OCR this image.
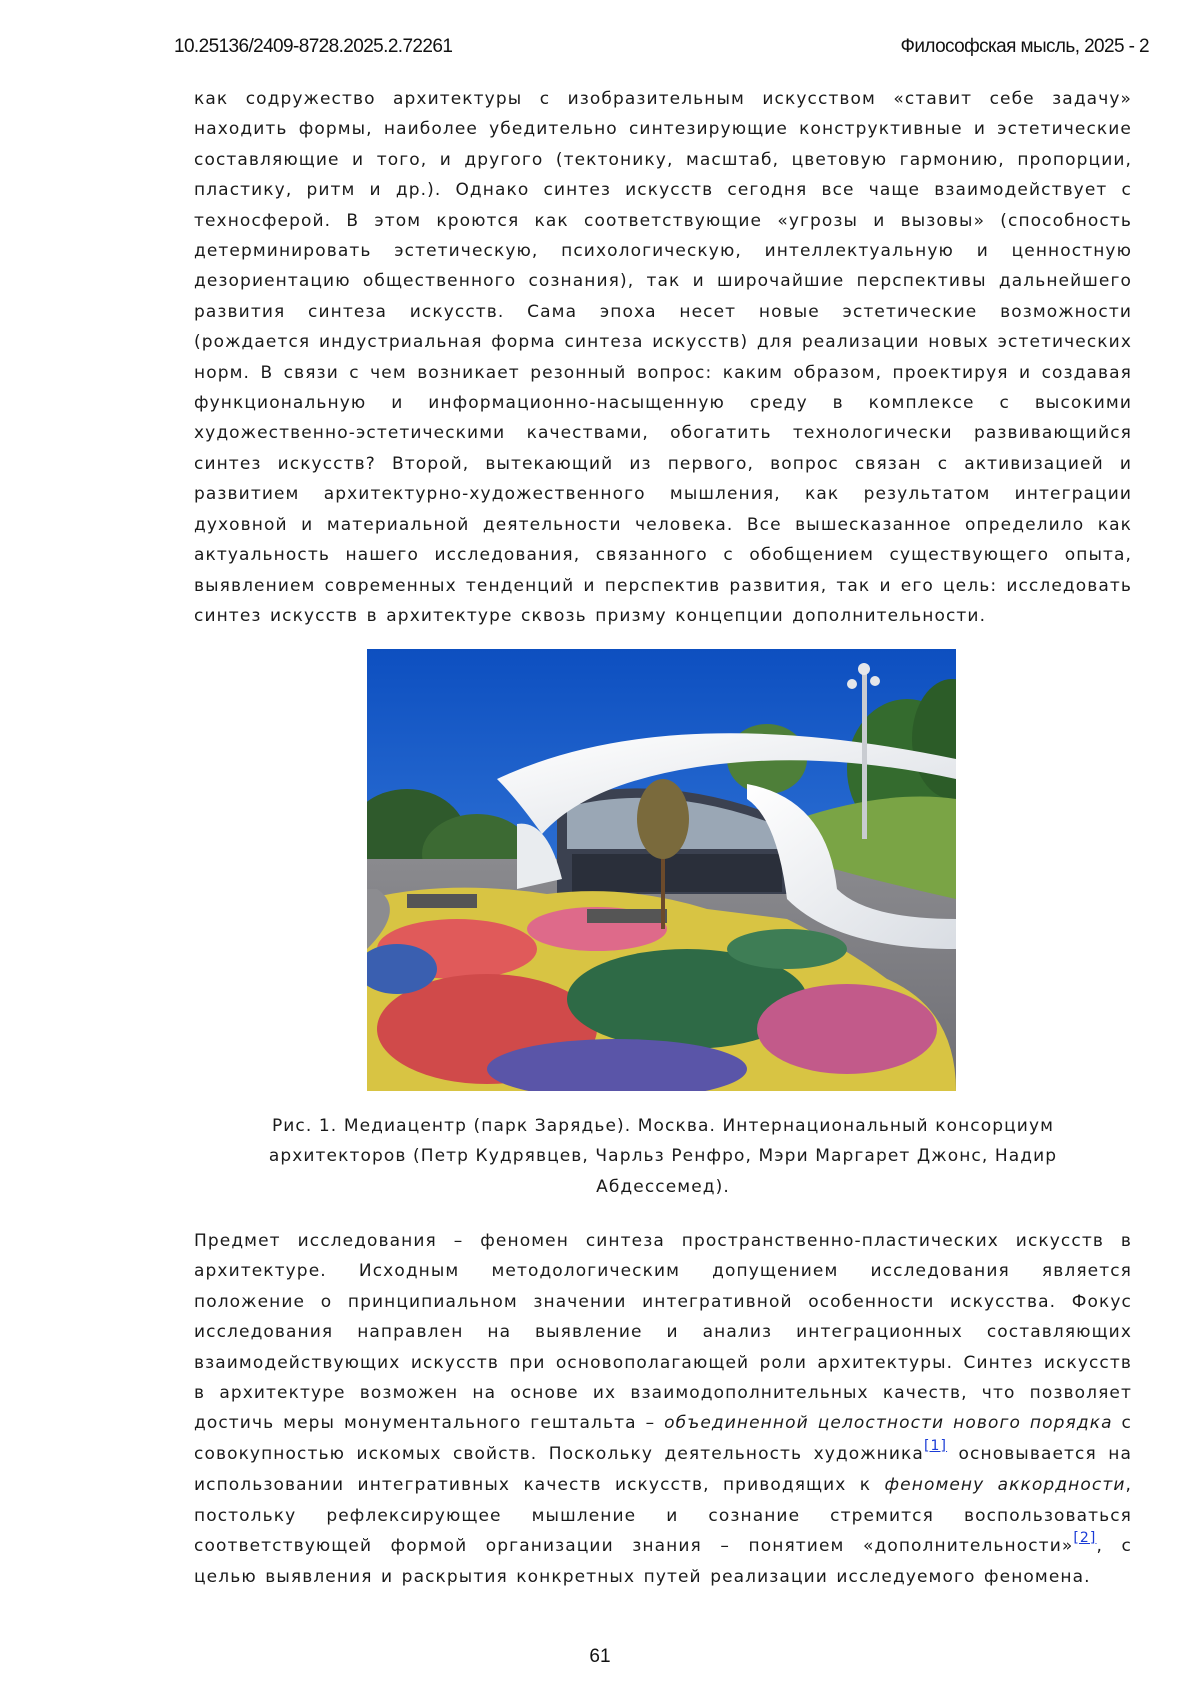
10.25136/2409-8728.2025.2.72261	Философская мысль, 2025 - 2

как содружество архитектуры с изобразительным искусством «ставит себе задачу» находить формы, наиболее убедительно синтезирующие конструктивные и эстетические составляющие и того, и другого (тектонику, масштаб, цветовую гармонию, пропорции, пластику, ритм и др.). Однако синтез искусств сегодня все чаще взаимодействует с техносферой. В этом кроются как соответствующие «угрозы и вызовы» (способность детерминировать эстетическую, психологическую, интеллектуальную и ценностную дезориентацию общественного сознания), так и широчайшие перспективы дальнейшего развития синтеза искусств. Сама эпоха несет новые эстетические возможности (рождается индустриальная форма синтеза искусств) для реализации новых эстетических норм. В связи с чем возникает резонный вопрос: каким образом, проектируя и создавая функциональную и информационно-насыщенную среду в комплексе с высокими художественно-эстетическими качествами, обогатить технологически развивающийся синтез искусств? Второй, вытекающий из первого, вопрос связан с активизацией и развитием архитектурно-художественного мышления, как результатом интеграции духовной и материальной деятельности человека. Все вышесказанное определило как актуальность нашего исследования, связанного с обобщением существующего опыта, выявлением современных тенденций и перспектив развития, так и его цель: исследовать синтез искусств в архитектуре сквозь призму концепции дополнительности.

Рис. 1. Медиацентр (парк Зарядье). Москва. Интернациональный консорциум архитекторов (Петр Кудрявцев, Чарльз Ренфро, Мэри Маргарет Джонс, Надир Абдессемед).

Предмет исследования – феномен синтеза пространственно-пластических искусств в архитектуре. Исходным методологическим допущением исследования является положение о принципиальном значении интегративной особенности искусства. Фокус исследования направлен на выявление и анализ интеграционных составляющих взаимодействующих искусств при основополагающей роли архитектуры. Синтез искусств в архитектуре возможен на основе их взаимодополнительных качеств, что позволяет достичь меры монументального гештальта – объединенной целостности нового порядка с совокупностью искомых свойств. Поскольку деятельность художника[1] основывается на использовании интегративных качеств искусств, приводящих к феномену аккордности, постольку рефлексирующее мышление и сознание стремится воспользоваться соответствующей формой организации знания – понятием «дополнительности»[2], с целью выявления и раскрытия конкретных путей реализации исследуемого феномена.

61
